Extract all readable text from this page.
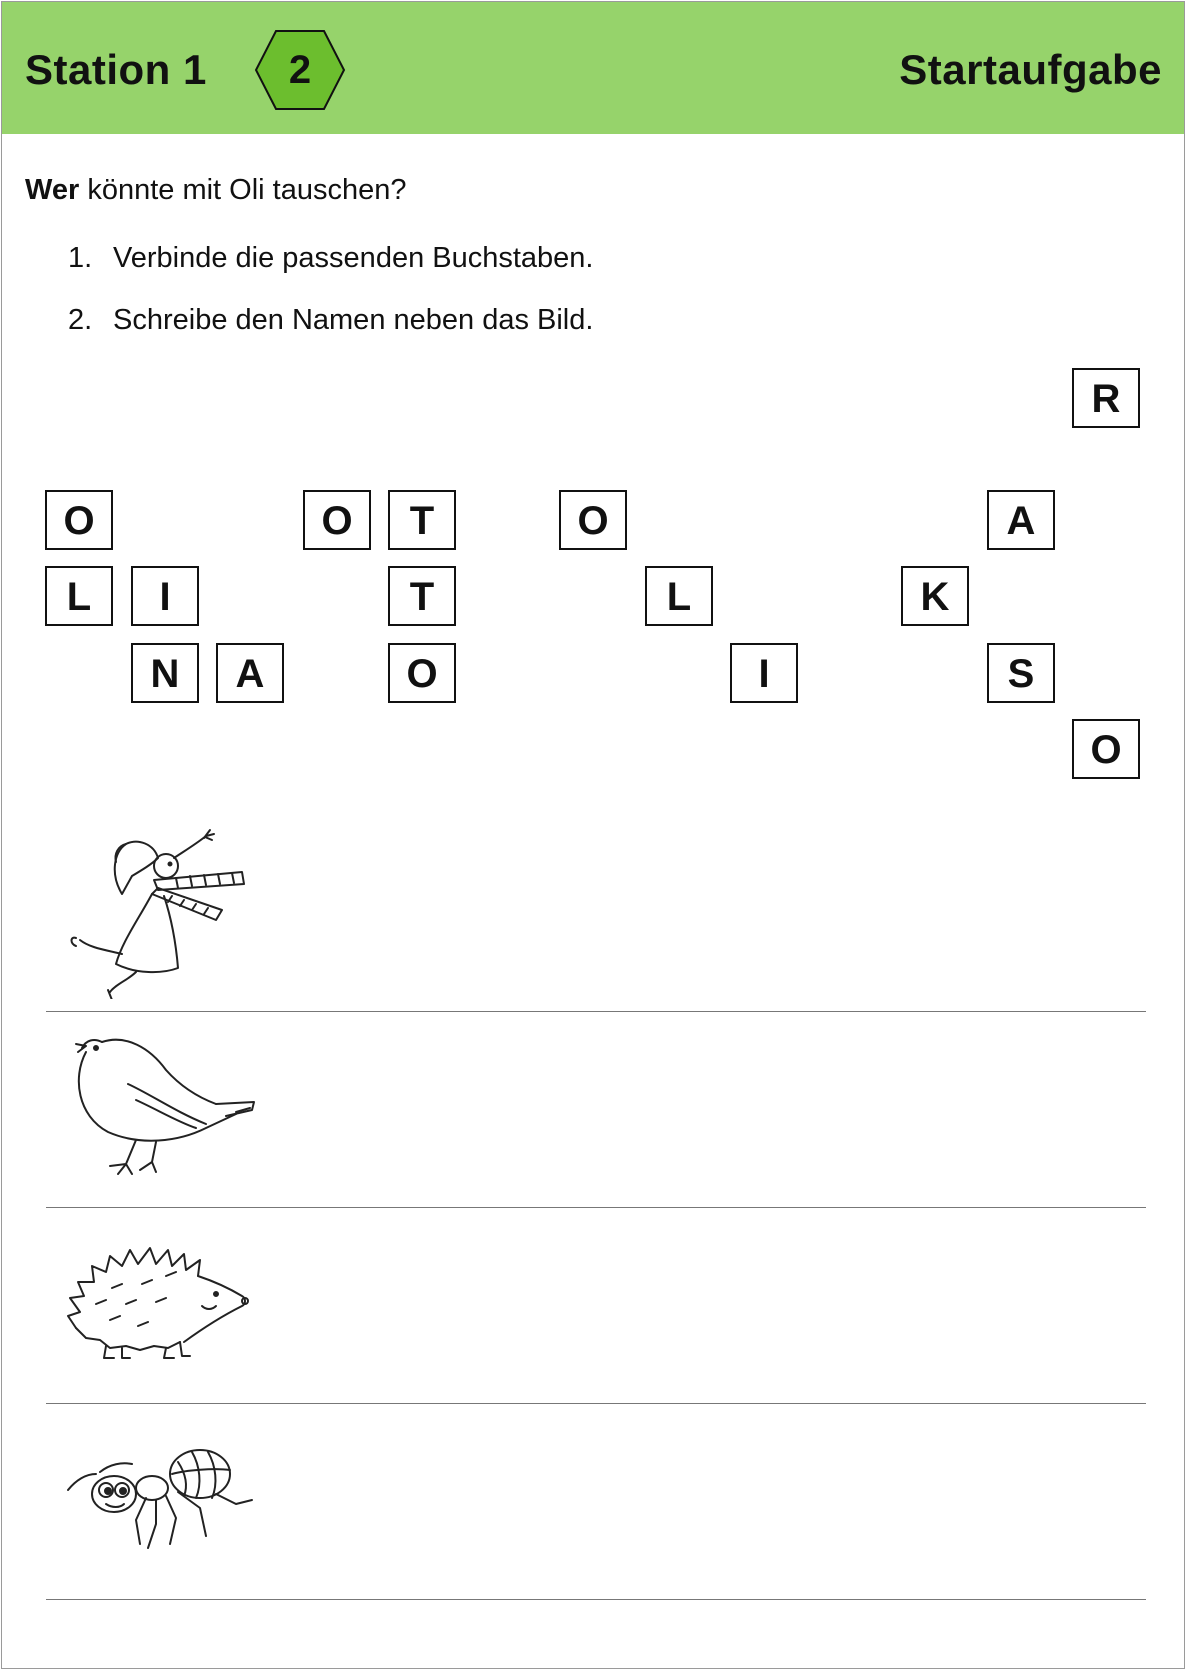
Station 1	2	Startaufgabe
Wer könnte mit Oli tauschen?
1. Verbinde die passenden Buchstaben.
2. Schreibe den Namen neben das Bild.
O
L	I
N	A
O	T
T
O
O
L
I
R
A
K
S
O
